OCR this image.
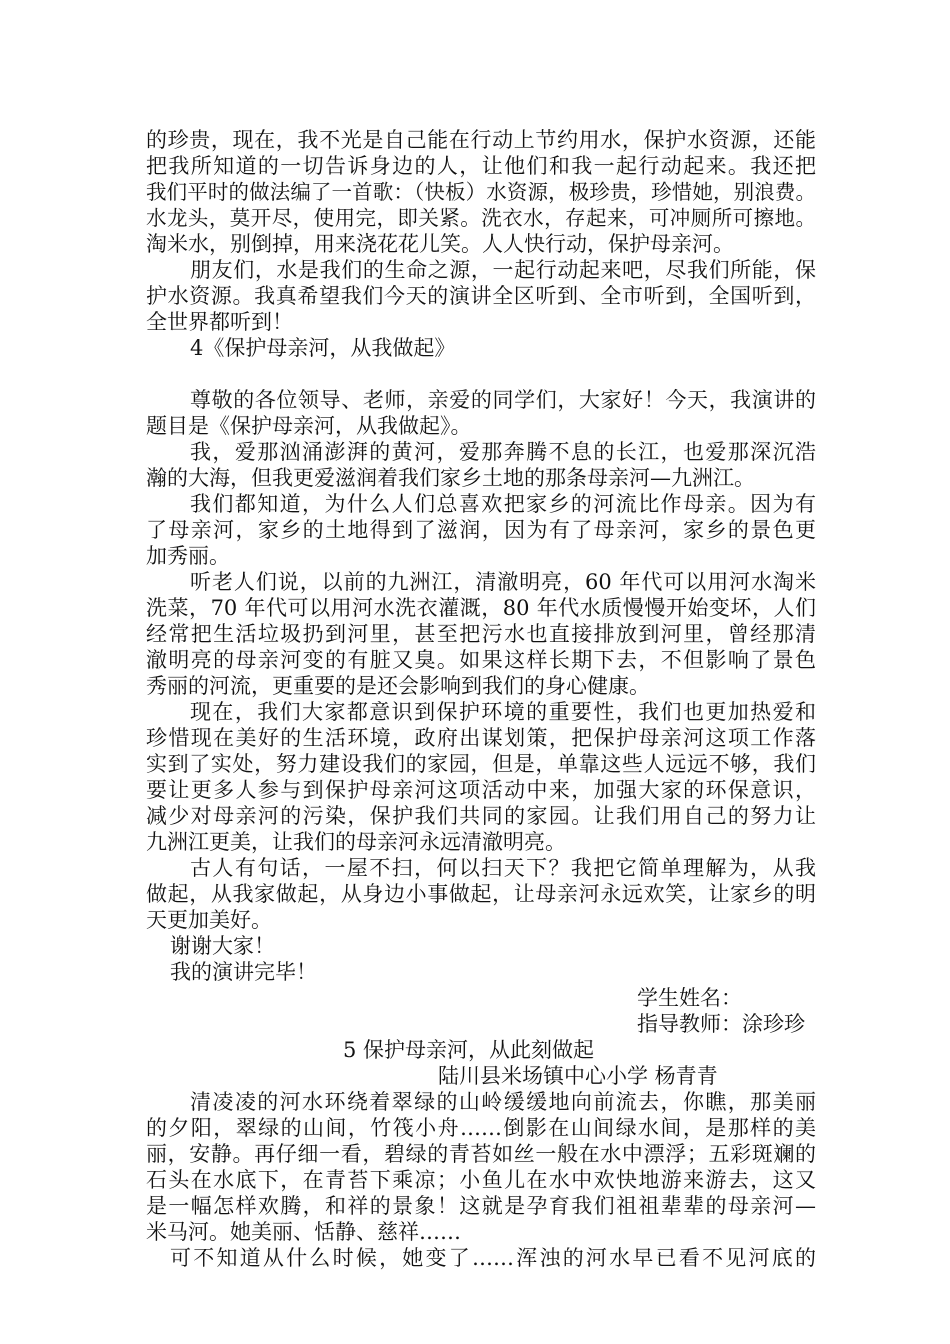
的珍贵，现在，我不光是自己能在行动上节约用水，保护水资源，还能
把我所知道的一切告诉身边的人，让他们和我一起行动起来。我还把
我们平时的做法编了一首歌：（快板）水资源，极珍贵，珍惜她，别浪费。
水龙头，莫开尽，使用完，即关紧。洗衣水，存起来，可冲厕所可擦地。
淘米水，别倒掉，用来浇花花儿笑。人人快行动，保护母亲河。
朋友们，水是我们的生命之源，一起行动起来吧，尽我们所能，保
护水资源。我真希望我们今天的演讲全区听到、全市听到，全国听到，
全世界都听到！
4《保护母亲河，从我做起》
尊敬的各位领导、老师，亲爱的同学们，大家好！今天，我演讲的
题目是《保护母亲河，从我做起》。
我，爱那汹涌澎湃的黄河，爱那奔腾不息的长江，也爱那深沉浩
瀚的大海，但我更爱滋润着我们家乡土地的那条母亲河—九洲江。
我们都知道，为什么人们总喜欢把家乡的河流比作母亲。因为有
了母亲河，家乡的土地得到了滋润，因为有了母亲河，家乡的景色更
加秀丽。
听老人们说，以前的九洲江，清澈明亮，60 年代可以用河水淘米
洗菜，70 年代可以用河水洗衣灌溉，80 年代水质慢慢开始变坏，人们
经常把生活垃圾扔到河里，甚至把污水也直接排放到河里，曾经那清
澈明亮的母亲河变的有脏又臭。如果这样长期下去，不但影响了景色
秀丽的河流，更重要的是还会影响到我们的身心健康。
现在，我们大家都意识到保护环境的重要性，我们也更加热爱和
珍惜现在美好的生活环境，政府出谋划策，把保护母亲河这项工作落
实到了实处，努力建设我们的家园，但是，单靠这些人远远不够，我们
要让更多人参与到保护母亲河这项活动中来，加强大家的环保意识，
减少对母亲河的污染，保护我们共同的家园。让我们用自己的努力让
九洲江更美，让我们的母亲河永远清澈明亮。
古人有句话，一屋不扫，何以扫天下？我把它简单理解为，从我
做起，从我家做起，从身边小事做起，让母亲河永远欢笑，让家乡的明
天更加美好。
谢谢大家！
我的演讲完毕！
学生姓名：
指导教师：涂珍珍
5 保护母亲河，从此刻做起
陆川县米场镇中心小学 杨青青
清凌凌的河水环绕着翠绿的山岭缓缓地向前流去，你瞧，那美丽
的夕阳，翠绿的山间，竹筏小舟……倒影在山间绿水间，是那样的美
丽，安静。再仔细一看，碧绿的青苔如丝一般在水中漂浮；五彩斑斓的
石头在水底下，在青苔下乘凉；小鱼儿在水中欢快地游来游去，这又
是一幅怎样欢腾，和祥的景象！这就是孕育我们祖祖辈辈的母亲河—
米马河。她美丽、恬静、慈祥……
可不知道从什么时候，她变了……浑浊的河水早已看不见河底的
